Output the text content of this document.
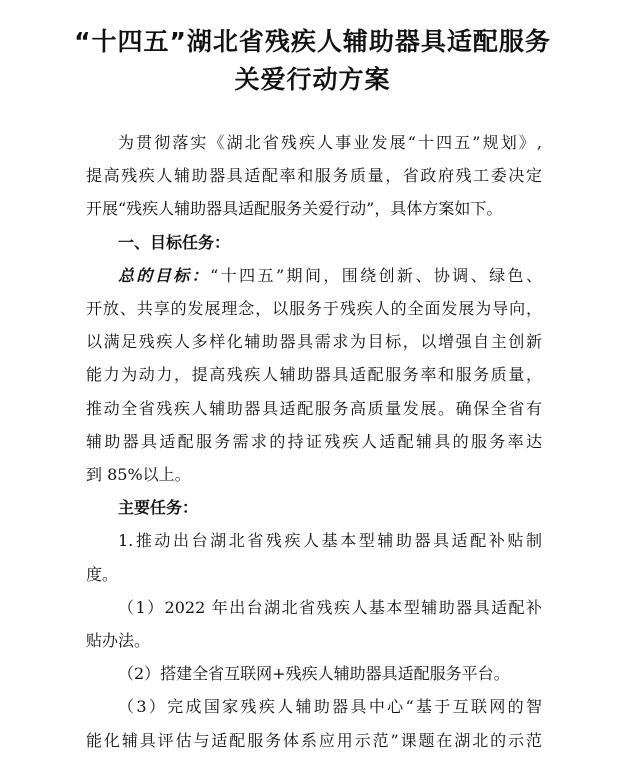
“十四五”湖北省残疾人辅助器具适配服务
关爱行动方案

为贯彻落实《湖北省残疾人事业发展“十四五”规划》,
提高残疾人辅助器具适配率和服务质量，省政府残工委决定
开展“残疾人辅助器具适配服务关爱行动”，具体方案如下。

一、目标任务：

总的目标：“十四五”期间，围绕创新、协调、绿色、
开放、共享的发展理念，以服务于残疾人的全面发展为导向，
以满足残疾人多样化辅助器具需求为目标，以增强自主创新
能力为动力，提高残疾人辅助器具适配服务率和服务质量，
推动全省残疾人辅助器具适配服务高质量发展。确保全省有
辅助器具适配服务需求的持证残疾人适配辅具的服务率达
到 85%以上。

主要任务：

1.推动出台湖北省残疾人基本型辅助器具适配补贴制
度。

（1）2022 年出台湖北省残疾人基本型辅助器具适配补
贴办法。

（2）搭建全省互联网+残疾人辅助器具适配服务平台。

（3）完成国家残疾人辅助器具中心“基于互联网的智
能化辅具评估与适配服务体系应用示范”课题在湖北的示范
